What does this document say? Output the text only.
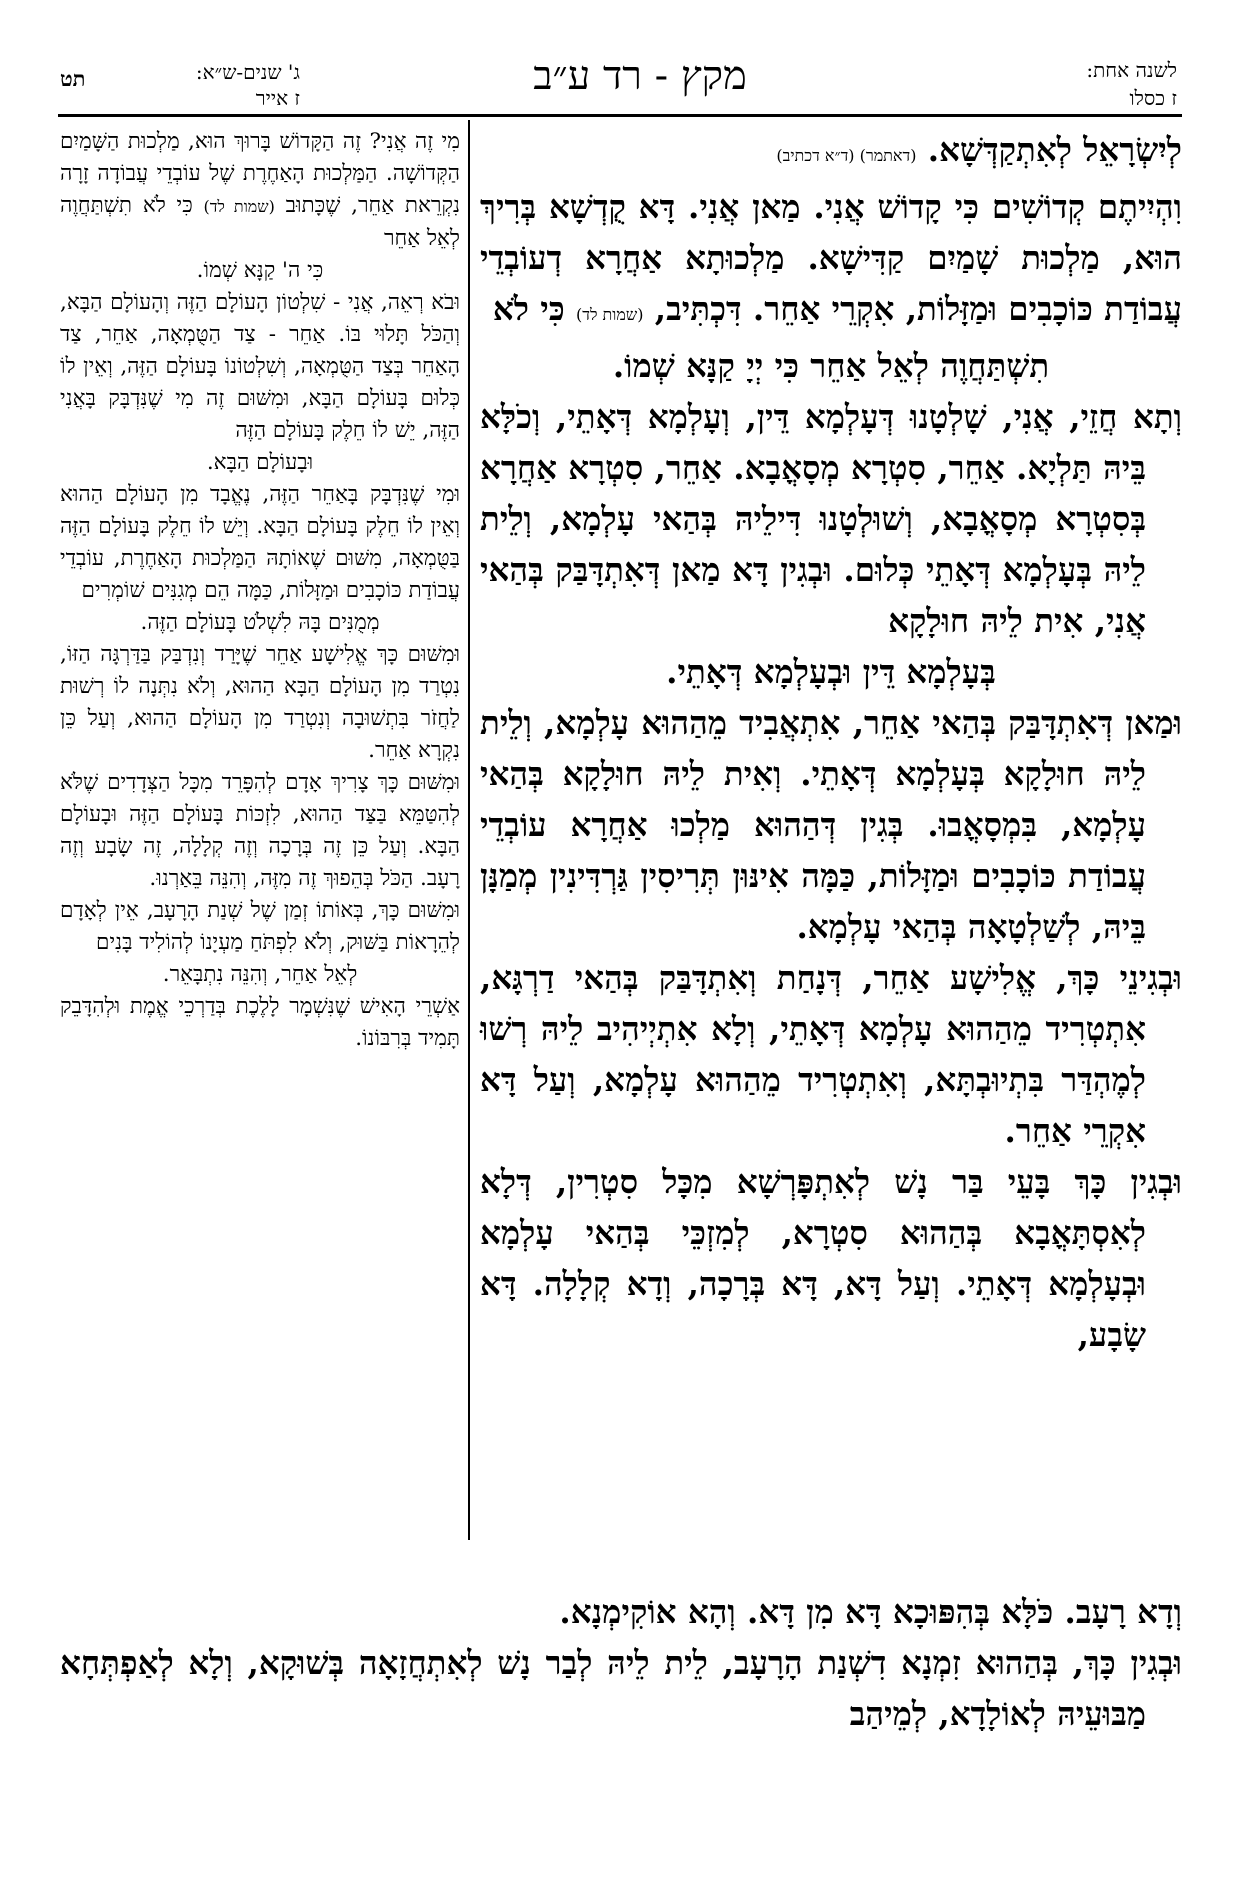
תט	ג' שנים-ש״א:
ז אייר	מקץ - רד ע״ב	לשנה אחת:
ז כסלו

לְיִשְׂרָאֵל לְאִתְקַדְּשָׁא. (דאתמר) (ד״א דכתיב)

וִהְיִיתֶם קְדוֹשִׁים כִּי קָדוֹשׁ אֲנִי. מַאן אֲנִי. דָּא קֻדְשָׁא בְּרִיךְ הוּא, מַלְכוּת שָׁמַיִם קַדִּישָׁא. מַלְכוּתָא אַחֲרָא דְעוֹבְדֵי עֲבוֹדַת כּוֹכָבִים וּמַזָּלוֹת, אִקְרֵי אַחֵר. דִּכְתִּיב, (שמות לד) כִּי לֹא

תִשְׁתַּחֲוֶה לְאֵל אַחֵר כִּי יְיָ קַנָּא שְׁמוֹ.

וְתָא חֲזֵי, אֲנִי, שָׁלְטָנוּ דְּעָלְמָא דֵּין, וְעָלְמָא דְּאָתֵי, וְכֹלָּא בֵּיהּ תַּלְיָא. אַחֵר, סִטְרָא מְסָאֳבָא. אַחֵר, סִטְרָא אַחֲרָא בְּסִטְרָא מְסָאֳבָא, וְשׁוּלְטָנוּ דִּילֵיהּ בְּהַאי עָלְמָא, וְלֵית לֵיהּ בְּעָלְמָא דְּאָתֵי כְּלוּם. וּבְגִין דָּא מַאן דְּאִתְדָּבַּק בְּהַאי אֲנִי, אִית לֵיהּ חוּלָקָא

בְּעָלְמָא דֵּין וּבְעָלְמָא דְּאָתֵי.

וּמַאן דְּאִתְדָּבַּק בְּהַאי אַחֵר, אִתְאֲבִיד מֵהַהוּא עָלְמָא, וְלֵית לֵיהּ חוּלָקָא בְּעָלְמָא דְּאָתֵי. וְאִית לֵיהּ חוּלָקָא בְּהַאי עָלְמָא, בִּמְסָאֳבוּ. בְּגִין דְּהַהוּא מַלְכוּ אַחֲרָא עוֹבְדֵי עֲבוֹדַת כּוֹכָבִים וּמַזָּלוֹת, כַּמָּה אִינּוּן תְּרִיסִין גַּרְדִּינִין מְמַנָּן בֵּיהּ, לְשַׁלְטָאָה בְּהַאי עָלְמָא.

וּבְגִינֵי כָּךְ, אֱלִישָׁע אַחֵר, דְּנָחַת וְאִתְדָּבַּק בְּהַאי דַרְגָּא, אִתְטְרִיד מֵהַהוּא עָלְמָא דְּאָתֵי, וְלָא אִתְיְיהִיב לֵיהּ רְשׁוּ לְמֶהְדַּר בִּתְיוּבְתָּא, וְאִתְטְרִיד מֵהַהוּא עָלְמָא, וְעַל דָּא אִקְרֵי אַחֵר.

וּבְגִין כָּךְ בָּעֵי בַּר נָשׁ לְאִתְפָּרְשָׁא מִכָּל סִטְרִין, דְּלָא לְאִסְתָּאֳבָא בְּהַהוּא סִטְרָא, לְמִזְכֵּי בְּהַאי עָלְמָא וּבְעָלְמָא דְּאָתֵי. וְעַל דָּא, דָּא בְּרָכָה, וְדָא קְלָלָה. דָּא שָׂבָע,

מִי זֶה אֲנִי? זֶה הַקָּדוֹשׁ בָּרוּךְ הוּא, מַלְכוּת הַשָּׁמַיִם הַקְּדוֹשָׁה. הַמַּלְכוּת הָאַחֶרֶת שֶׁל עוֹבְדֵי עֲבוֹדָה זָרָה נִקְרֵאת אַחֵר, שֶׁכָּתוּב (שמות לד) כִּי לֹא תִשְׁתַּחֲוֶה לְאֵל אַחֵר

כִּי ה' קַנָּא שְׁמוֹ.

וּבֹא רְאֵה, אֲנִי - שִׁלְטוֹן הָעוֹלָם הַזֶּה וְהָעוֹלָם הַבָּא, וְהַכֹּל תָּלוּי בּוֹ. אַחֵר - צַד הַטֻּמְאָה, אַחֵר, צַד הָאַחֵר בְּצַד הַטֻּמְאָה, וְשִׁלְטוֹנוֹ בָּעוֹלָם הַזֶּה, וְאֵין לוֹ כְּלוּם בָּעוֹלָם הַבָּא, וּמִשּׁוּם זֶה מִי שֶׁנִּדְבָּק בָּאֲנִי הַזֶּה, יֵשׁ לוֹ חֵלֶק בָּעוֹלָם הַזֶּה

וּבָעוֹלָם הַבָּא.

וּמִי שֶׁנִּדְבָּק בָּאַחֵר הַזֶּה, נֶאֱבָד מִן הָעוֹלָם הַהוּא וְאֵין לוֹ חֵלֶק בָּעוֹלָם הַבָּא. וְיֵשׁ לוֹ חֵלֶק בָּעוֹלָם הַזֶּה בַּטֻּמְאָה, מִשּׁוּם שֶׁאוֹתָהּ הַמַּלְכוּת הָאַחֶרֶת, עוֹבְדֵי עֲבוֹדַת כּוֹכָבִים וּמַזָּלוֹת, כַּמָּה הֵם מְגִנִּים שׁוֹמְרִים

מְמֻנִּים בָּהּ לִשְׁלֹט בָּעוֹלָם הַזֶּה.

וּמִשּׁוּם כָּךְ אֱלִישָׁע אַחֵר שֶׁיָּרַד וְנִדְבַּק בַּדַּרְגָּה הַזּוֹ, נִטְרַד מִן הָעוֹלָם הַבָּא הַהוּא, וְלֹא נִתְּנָה לוֹ רְשׁוּת לַחֲזֹר בִּתְשׁוּבָה וְנִטְרַד מִן הָעוֹלָם הַהוּא, וְעַל כֵּן נִקְרָא אַחֵר.

וּמִשּׁוּם כָּךְ צָרִיךְ אָדָם לְהִפָּרֵד מִכָּל הַצְּדָדִים שֶׁלֹּא לְהִטַּמֵּא בַּצַּד הַהוּא, לִזְכּוֹת בָּעוֹלָם הַזֶּה וּבָעוֹלָם הַבָּא. וְעַל כֵּן זֶה בְּרָכָה וְזֶה קְלָלָה, זֶה שָׂבָע וְזֶה רָעָב. הַכֹּל בְּהֵפוּךְ זֶה מִזֶּה, וְהִנֵּה בֵּאַרְנוּ.

וּמִשּׁוּם כָּךְ, בְּאוֹתוֹ זְמַן שֶׁל שְׁנַת הָרָעָב, אֵין לְאָדָם לְהֵרָאוֹת בַּשּׁוּק, וְלֹא לִפְתֹּחַ מַעְיָנוֹ לְהוֹלִיד בָּנִים

לְאֵל אַחֵר, וְהִנֵּה נִתְבָּאֵר.

אַשְׁרֵי הָאִישׁ שֶׁנִּשְׁמָר לָלֶכֶת בְּדַרְכֵי אֱמֶת וּלְהִדָּבֵק תָּמִיד בְּרִבּוֹנוֹ.

וְדָא רָעָב. כֹּלָּא בְּהִפּוּכָא דָּא מִן דָּא. וְהָא אוֹקִימְנָא.

וּבְגִין כָּךְ, בְּהַהוּא זִמְנָא דִשְׁנַת הָרָעָב, לֵית לֵיהּ לְבַר נָשׁ לְאִתְחֲזָאָה בְּשׁוּקָא, וְלָא לְאַפְתְּחָא מַבּוּעֵיהּ לְאוֹלָדָא, לְמֵיהַב
